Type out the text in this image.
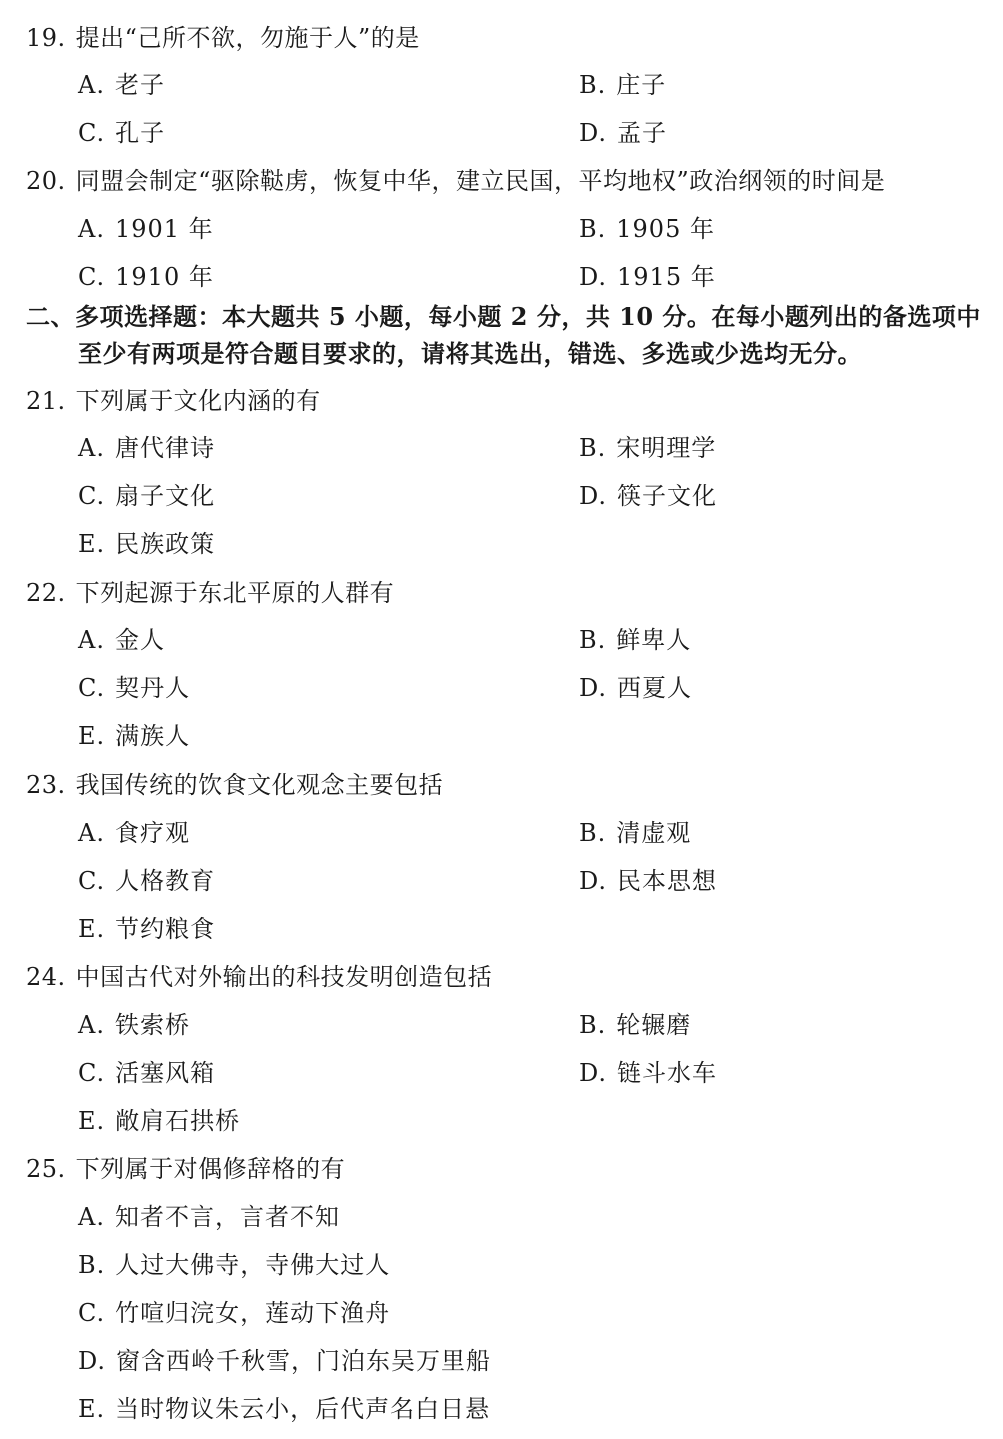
19. 提出“己所不欲，勿施于人”的是
A. 老子	B. 庄子
C. 孔子	D. 孟子
20. 同盟会制定“驱除鞑虏，恢复中华，建立民国，平均地权”政治纲领的时间是
A. 1901 年	B. 1905 年
C. 1910 年	D. 1915 年
二、多项选择题：本大题共 5 小题，每小题 2 分，共 10 分。在每小题列出的备选项中
至少有两项是符合题目要求的，请将其选出，错选、多选或少选均无分。
21. 下列属于文化内涵的有
A. 唐代律诗	B. 宋明理学
C. 扇子文化	D. 筷子文化
E. 民族政策
22. 下列起源于东北平原的人群有
A. 金人	B. 鲜卑人
C. 契丹人	D. 西夏人
E. 满族人
23. 我国传统的饮食文化观念主要包括
A. 食疗观	B. 清虚观
C. 人格教育	D. 民本思想
E. 节约粮食
24. 中国古代对外输出的科技发明创造包括
A. 铁索桥	B. 轮辗磨
C. 活塞风箱	D. 链斗水车
E. 敞肩石拱桥
25. 下列属于对偶修辞格的有
A. 知者不言，言者不知
B. 人过大佛寺，寺佛大过人
C. 竹喧归浣女，莲动下渔舟
D. 窗含西岭千秋雪，门泊东吴万里船
E. 当时物议朱云小，后代声名白日悬
